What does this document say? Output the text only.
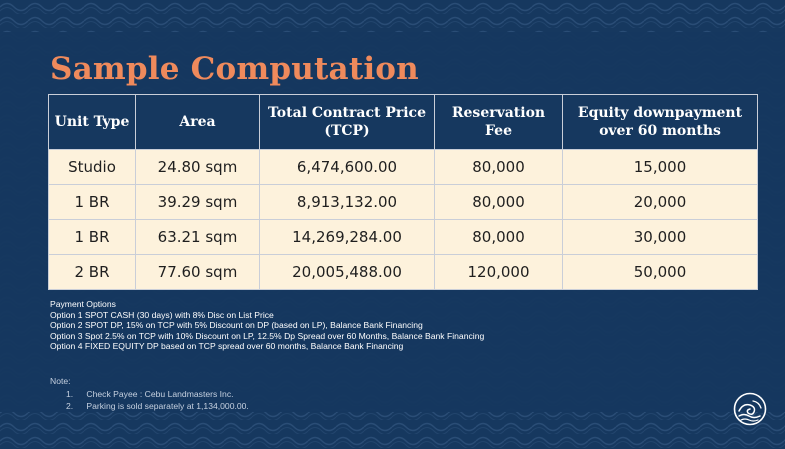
Sample Computation
Unit Type	Area	Total Contract Price (TCP)	Reservation Fee	Equity downpayment over 60 months
Studio	24.80 sqm	6,474,600.00	80,000	15,000
1 BR	39.29 sqm	8,913,132.00	80,000	20,000
1 BR	63.21 sqm	14,269,284.00	80,000	30,000
2 BR	77.60 sqm	20,005,488.00	120,000	50,000

Payment Options

Option 1 SPOT CASH (30 days) with 8% Disc on List Price

Option 2 SPOT DP, 15% on TCP with 5% Discount on DP (based on LP), Balance Bank Financing

Option 3 Spot 2.5% on TCP with 10% Discount on LP, 12.5% Dp Spread over 60 Months, Balance Bank Financing

Option 4 FIXED EQUITY DP based on TCP spread over 60 months, Balance Bank Financing

Note:

1. Check Payee : Cebu Landmasters Inc.

2. Parking is sold separately at 1,134,000.00.
